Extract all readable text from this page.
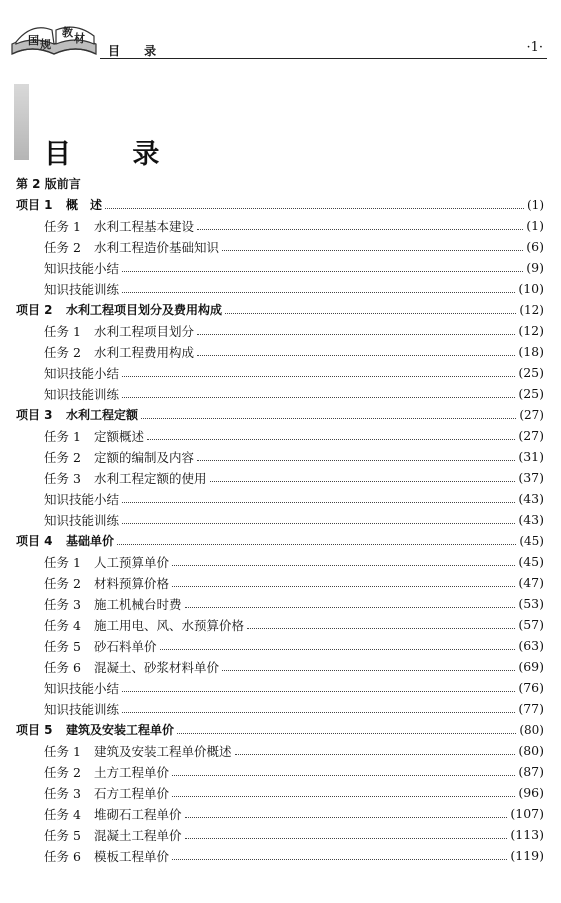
国 规
教 材
目 录	·1·
目 录
第 2 版前言
项目 1	概　述	(1)
任务 1	水利工程基本建设	(1)
任务 2	水利工程造价基础知识	(6)
知识技能小结	(9)
知识技能训练	(10)
项目 2	水利工程项目划分及费用构成	(12)
任务 1	水利工程项目划分	(12)
任务 2	水利工程费用构成	(18)
知识技能小结	(25)
知识技能训练	(25)
项目 3	水利工程定额	(27)
任务 1	定额概述	(27)
任务 2	定额的编制及内容	(31)
任务 3	水利工程定额的使用	(37)
知识技能小结	(43)
知识技能训练	(43)
项目 4	基础单价	(45)
任务 1	人工预算单价	(45)
任务 2	材料预算价格	(47)
任务 3	施工机械台时费	(53)
任务 4	施工用电、风、水预算价格	(57)
任务 5	砂石料单价	(63)
任务 6	混凝土、砂浆材料单价	(69)
知识技能小结	(76)
知识技能训练	(77)
项目 5	建筑及安装工程单价	(80)
任务 1	建筑及安装工程单价概述	(80)
任务 2	土方工程单价	(87)
任务 3	石方工程单价	(96)
任务 4	堆砌石工程单价	(107)
任务 5	混凝土工程单价	(113)
任务 6	模板工程单价	(119)
